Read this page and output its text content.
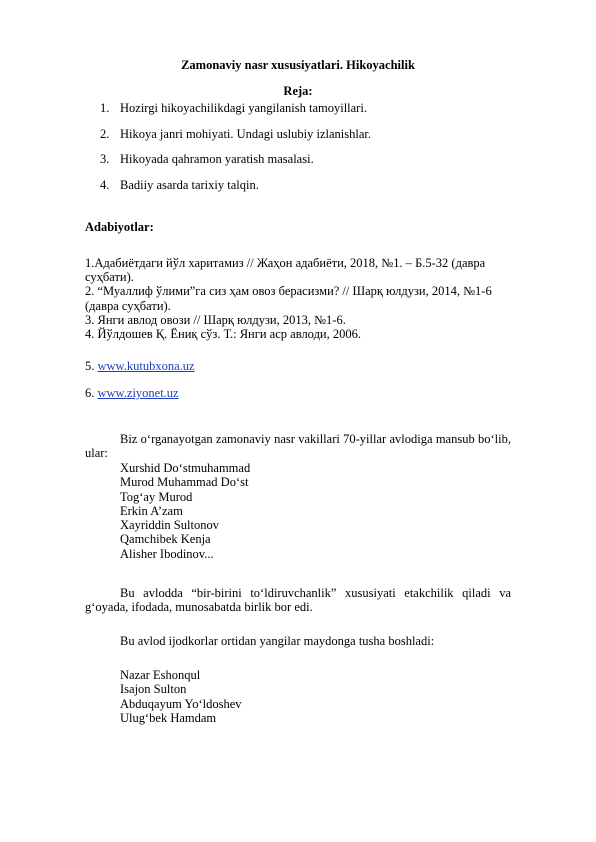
Zamonaviy nasr xususiyatlari. Hikoyachilik
Reja:
1. Hozirgi hikoyachilikdagi yangilanish tamoyillari.
2. Hikoya janri mohiyati. Undagi uslubiy izlanishlar.
3. Hikoyada qahramon yaratish masalasi.
4. Badiiy asarda tarixiy talqin.
Adabiyotlar:

1.Адабиётдаги йўл харитамиз // Жаҳон адабиёти, 2018, №1. – Б.5-32 (давра суҳбати).

2. “Муаллиф ўлими”га сиз ҳам овоз берасизми? // Шарқ юлдузи, 2014, №1-6 (давра суҳбати).

3. Янги авлод овози // Шарқ юлдузи, 2013, №1-6.

4. Йўлдошев Қ. Ёниқ сўз. Т.: Янги аср авлоди, 2006.

5. www.kutubxona.uz
6. www.ziyonet.uz
Biz o‘rganayotgan zamonaviy nasr vakillari 70-yillar avlodiga mansub bo‘lib, ular:
Xurshid Do‘stmuhammad
Murod Muhammad Do‘st
Tog‘ay Murod
Erkin A’zam
Xayriddin Sultonov
Qamchibek Kenja
Alisher Ibodinov...
Bu avlodda “bir-birini to‘ldiruvchanlik” xususiyati etakchilik qiladi va g‘oyada, ifodada, munosabatda birlik bor edi.
Bu avlod ijodkorlar ortidan yangilar maydonga tusha boshladi:
Nazar Eshonqul
Isajon Sulton
Abduqayum Yo‘ldoshev
Ulug‘bek Hamdam
